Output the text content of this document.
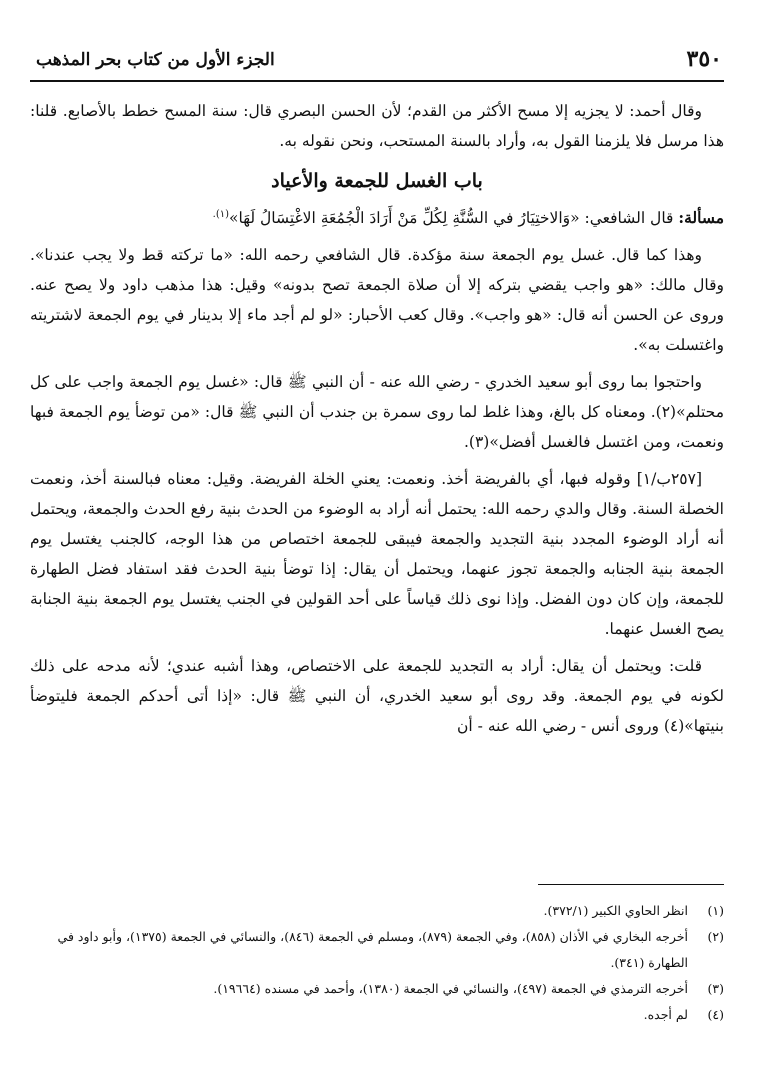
٣٥٠
الجزء الأول من كتاب بحر المذهب

وقال أحمد: لا يجزيه إلا مسح الأكثر من القدم؛ لأن الحسن البصري قال: سنة المسح خطط بالأصابع. قلنا: هذا مرسل فلا يلزمنا القول به، وأراد بالسنة المستحب، ونحن نقوله به.

باب الغسل للجمعة والأعياد

مسألة: قال الشافعي: «وَالاختِيَارُ في السُّنَّةِ لِكُلِّ مَنْ أَرَادَ الْجُمُعَةِ الاغْتِسَالُ لَهَا»$^{(١).}$

وهذا كما قال. غسل يوم الجمعة سنة مؤكدة. قال الشافعي رحمه الله: «ما تركته قط ولا يجب عندنا». وقال مالك: «هو واجب يقضي بتركه إلا أن صلاة الجمعة تصح بدونه» وقيل: هذا مذهب داود ولا يصح عنه. وروى عن الحسن أنه قال: «هو واجب». وقال كعب الأحبار: «لو لم أجد ماء إلا بدينار في يوم الجمعة لاشتريته واغتسلت به».

واحتجوا بما روى أبو سعيد الخدري - رضي الله عنه - أن النبي ﷺ قال: «غسل يوم الجمعة واجب على كل محتلم»(٢). ومعناه كل بالغ، وهذا غلط لما روى سمرة بن جندب أن النبي ﷺ قال: «من توضأ يوم الجمعة فبها ونعمت، ومن اغتسل فالغسل أفضل»(٣).

[٢٥٧ب/١] وقوله فبها، أي بالفريضة أخذ. ونعمت: يعني الخلة الفريضة. وقيل: معناه فبالسنة أخذ، ونعمت الخصلة السنة. وقال والدي رحمه الله: يحتمل أنه أراد به الوضوء من الحدث بنية رفع الحدث والجمعة، ويحتمل أنه أراد الوضوء المجدد بنية التجديد والجمعة فيبقى للجمعة اختصاص من هذا الوجه، كالجنب يغتسل يوم الجمعة بنية الجنابه والجمعة تجوز عنهما، ويحتمل أن يقال: إذا توضأ بنية الحدث فقد استفاد فضل الطهارة للجمعة، وإن كان دون الفضل. وإذا نوى ذلك قياساً على أحد القولين في الجنب يغتسل يوم الجمعة بنية الجنابة يصح الغسل عنهما.

قلت: ويحتمل أن يقال: أراد به التجديد للجمعة على الاختصاص، وهذا أشبه عندي؛ لأنه مدحه على ذلك لكونه في يوم الجمعة. وقد روى أبو سعيد الخدري، أن النبي ﷺ قال: «إذا أتى أحدكم الجمعة فليتوضأ بنيتها»(٤) وروى أنس - رضي الله عنه - أن

(١)
انظر الحاوي الكبير (٣٧٢/١).
(٢)
أخرجه البخاري في الأذان (٨٥٨)، وفي الجمعة (٨٧٩)، ومسلم في الجمعة (٨٤٦)، والنسائي في الجمعة (١٣٧٥)، وأبو داود في الطهارة (٣٤١).
(٣)
أخرجه الترمذي في الجمعة (٤٩٧)، والنسائي في الجمعة (١٣٨٠)، وأحمد في مسنده (١٩٦٦٤).
(٤)
لم أجده.
